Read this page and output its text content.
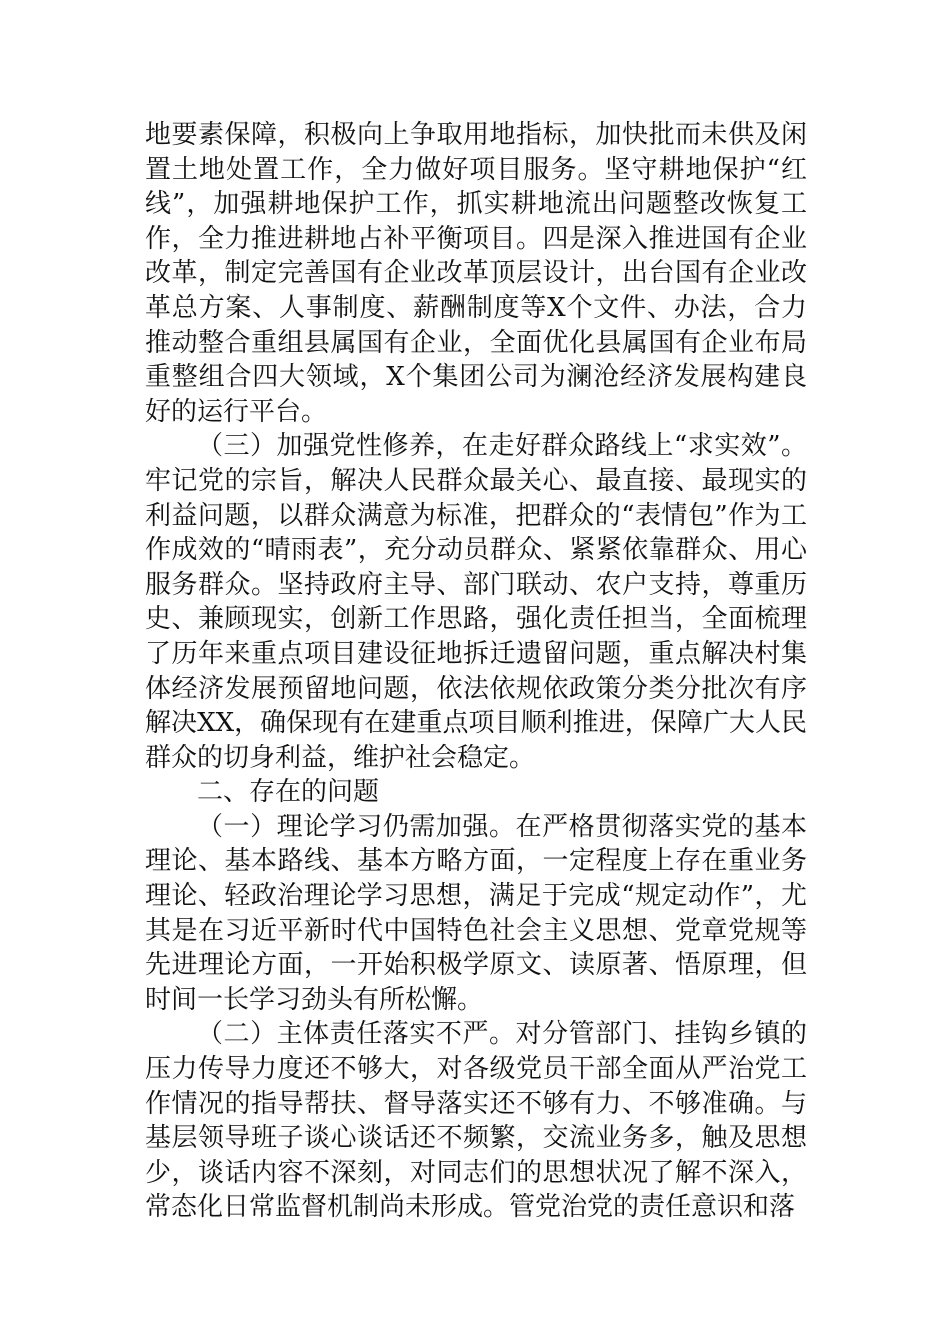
地要素保障，积极向上争取用地指标，加快批而未供及闲置土地处置工作，全力做好项目服务。坚守耕地保护“红线”，加强耕地保护工作，抓实耕地流出问题整改恢复工作，全力推进耕地占补平衡项目。四是深入推进国有企业改革，制定完善国有企业改革顶层设计，出台国有企业改革总方案、人事制度、薪酬制度等X个文件、办法，合力推动整合重组县属国有企业，全面优化县属国有企业布局重整组合四大领域，X个集团公司为澜沧经济发展构建良好的运行平台。

（三）加强党性修养，在走好群众路线上“求实效”。牢记党的宗旨，解决人民群众最关心、最直接、最现实的利益问题，以群众满意为标准，把群众的“表情包”作为工作成效的“晴雨表”，充分动员群众、紧紧依靠群众、用心服务群众。坚持政府主导、部门联动、农户支持，尊重历史、兼顾现实，创新工作思路，强化责任担当，全面梳理了历年来重点项目建设征地拆迁遗留问题，重点解决村集体经济发展预留地问题，依法依规依政策分类分批次有序解决XX，确保现有在建重点项目顺利推进，保障广大人民群众的切身利益，维护社会稳定。

二、存在的问题

（一）理论学习仍需加强。在严格贯彻落实党的基本理论、基本路线、基本方略方面，一定程度上存在重业务理论、轻政治理论学习思想，满足于完成“规定动作”，尤其是在习近平新时代中国特色社会主义思想、党章党规等先进理论方面，一开始积极学原文、读原著、悟原理，但时间一长学习劲头有所松懈。

（二）主体责任落实不严。对分管部门、挂钩乡镇的压力传导力度还不够大，对各级党员干部全面从严治党工作情况的指导帮扶、督导落实还不够有力、不够准确。与基层领导班子谈心谈话还不频繁，交流业务多，触及思想少，谈话内容不深刻，对同志们的思想状况了解不深入，常态化日常监督机制尚未形成。管党治党的责任意识和落
